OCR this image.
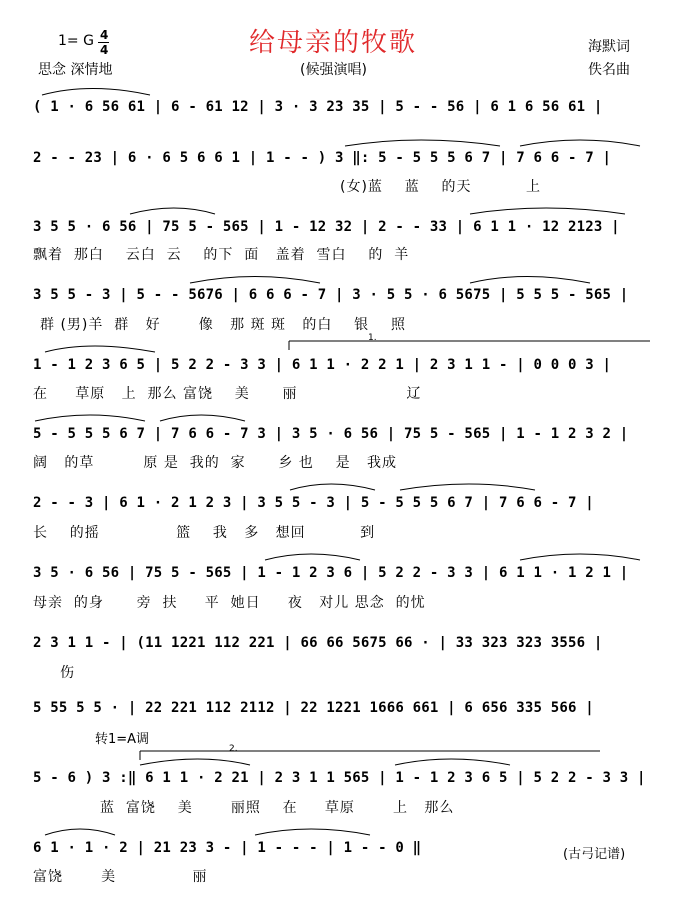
1= G 4
4	给母亲的牧歌	海默词
思念 深情地	(候强演唱)	佚名曲
( 1 · 6 56 61 | 6 - 61 12 | 3 · 3 23 35 | 5 - - 56 | 6 1 6 56 61 |
2 - - 23 | 6 · 6 5 6 6 1 | 1 - - ) 3 ‖: 5 - 5 5 5 6 7 | 7 6 6 - 7 |
(女)蓝    蓝    的天          上
3 5 5 · 6 56 | 75 5 - 565 | 1 - 12 32 | 2 - - 33 | 6 1 1 · 12 2123 |
飘着  那白    云白  云    的下  面   盖着  雪白    的  羊
3 5 5 - 3 | 5 - - 5676 | 6 6 6 - 7 | 3 · 5 5 · 6 5675 | 5 5 5 - 565 |
群 (男)羊  群   好       像   那 斑 斑   的白    银    照
1 - 1 2 3 6 5 | 5 2 2 - 3 3 | 6 1 1 · 2 2 1 | 2 3 1 1 - | 0 0 0 3 |
在     草原   上  那么 富饶    美      丽                    辽
5 - 5 5 5 6 7 | 7 6 6 - 7 3 | 3 5 · 6 56 | 75 5 - 565 | 1 - 1 2 3 2 |
阔   的草         原 是  我的  家      乡 也    是   我成
2 - - 3 | 6 1 · 2 1 2 3 | 3 5 5 - 3 | 5 - 5 5 5 6 7 | 7 6 6 - 7 |
长    的摇              篮    我   多   想回          到
3 5 · 6 56 | 75 5 - 565 | 1 - 1 2 3 6 | 5 2 2 - 3 3 | 6 1 1 · 1 2 1 |
母亲  的身      旁  扶     平  她日     夜   对儿 思念  的忧
2 3 1 1 - | (11 1221 112 221 | 66 66 5675 66 · | 33 323 323 3556 |
伤
5 55 5 5 · | 22 221 112 2112 | 22 1221 1666 661 | 6 656 335 566 |
转1=A调
5 - 6 ) 3 :‖ 6 1 1 · 2 21 | 2 3 1 1 565 | 1 - 1 2 3 6 5 | 5 2 2 - 3 3 |
蓝  富饶    美       丽照    在     草原       上   那么
6 1 · 1 · 2 | 21 23 3 - | 1 - - - | 1 - - 0 ‖
富饶       美              丽
(古弓记谱)
1.
2.
